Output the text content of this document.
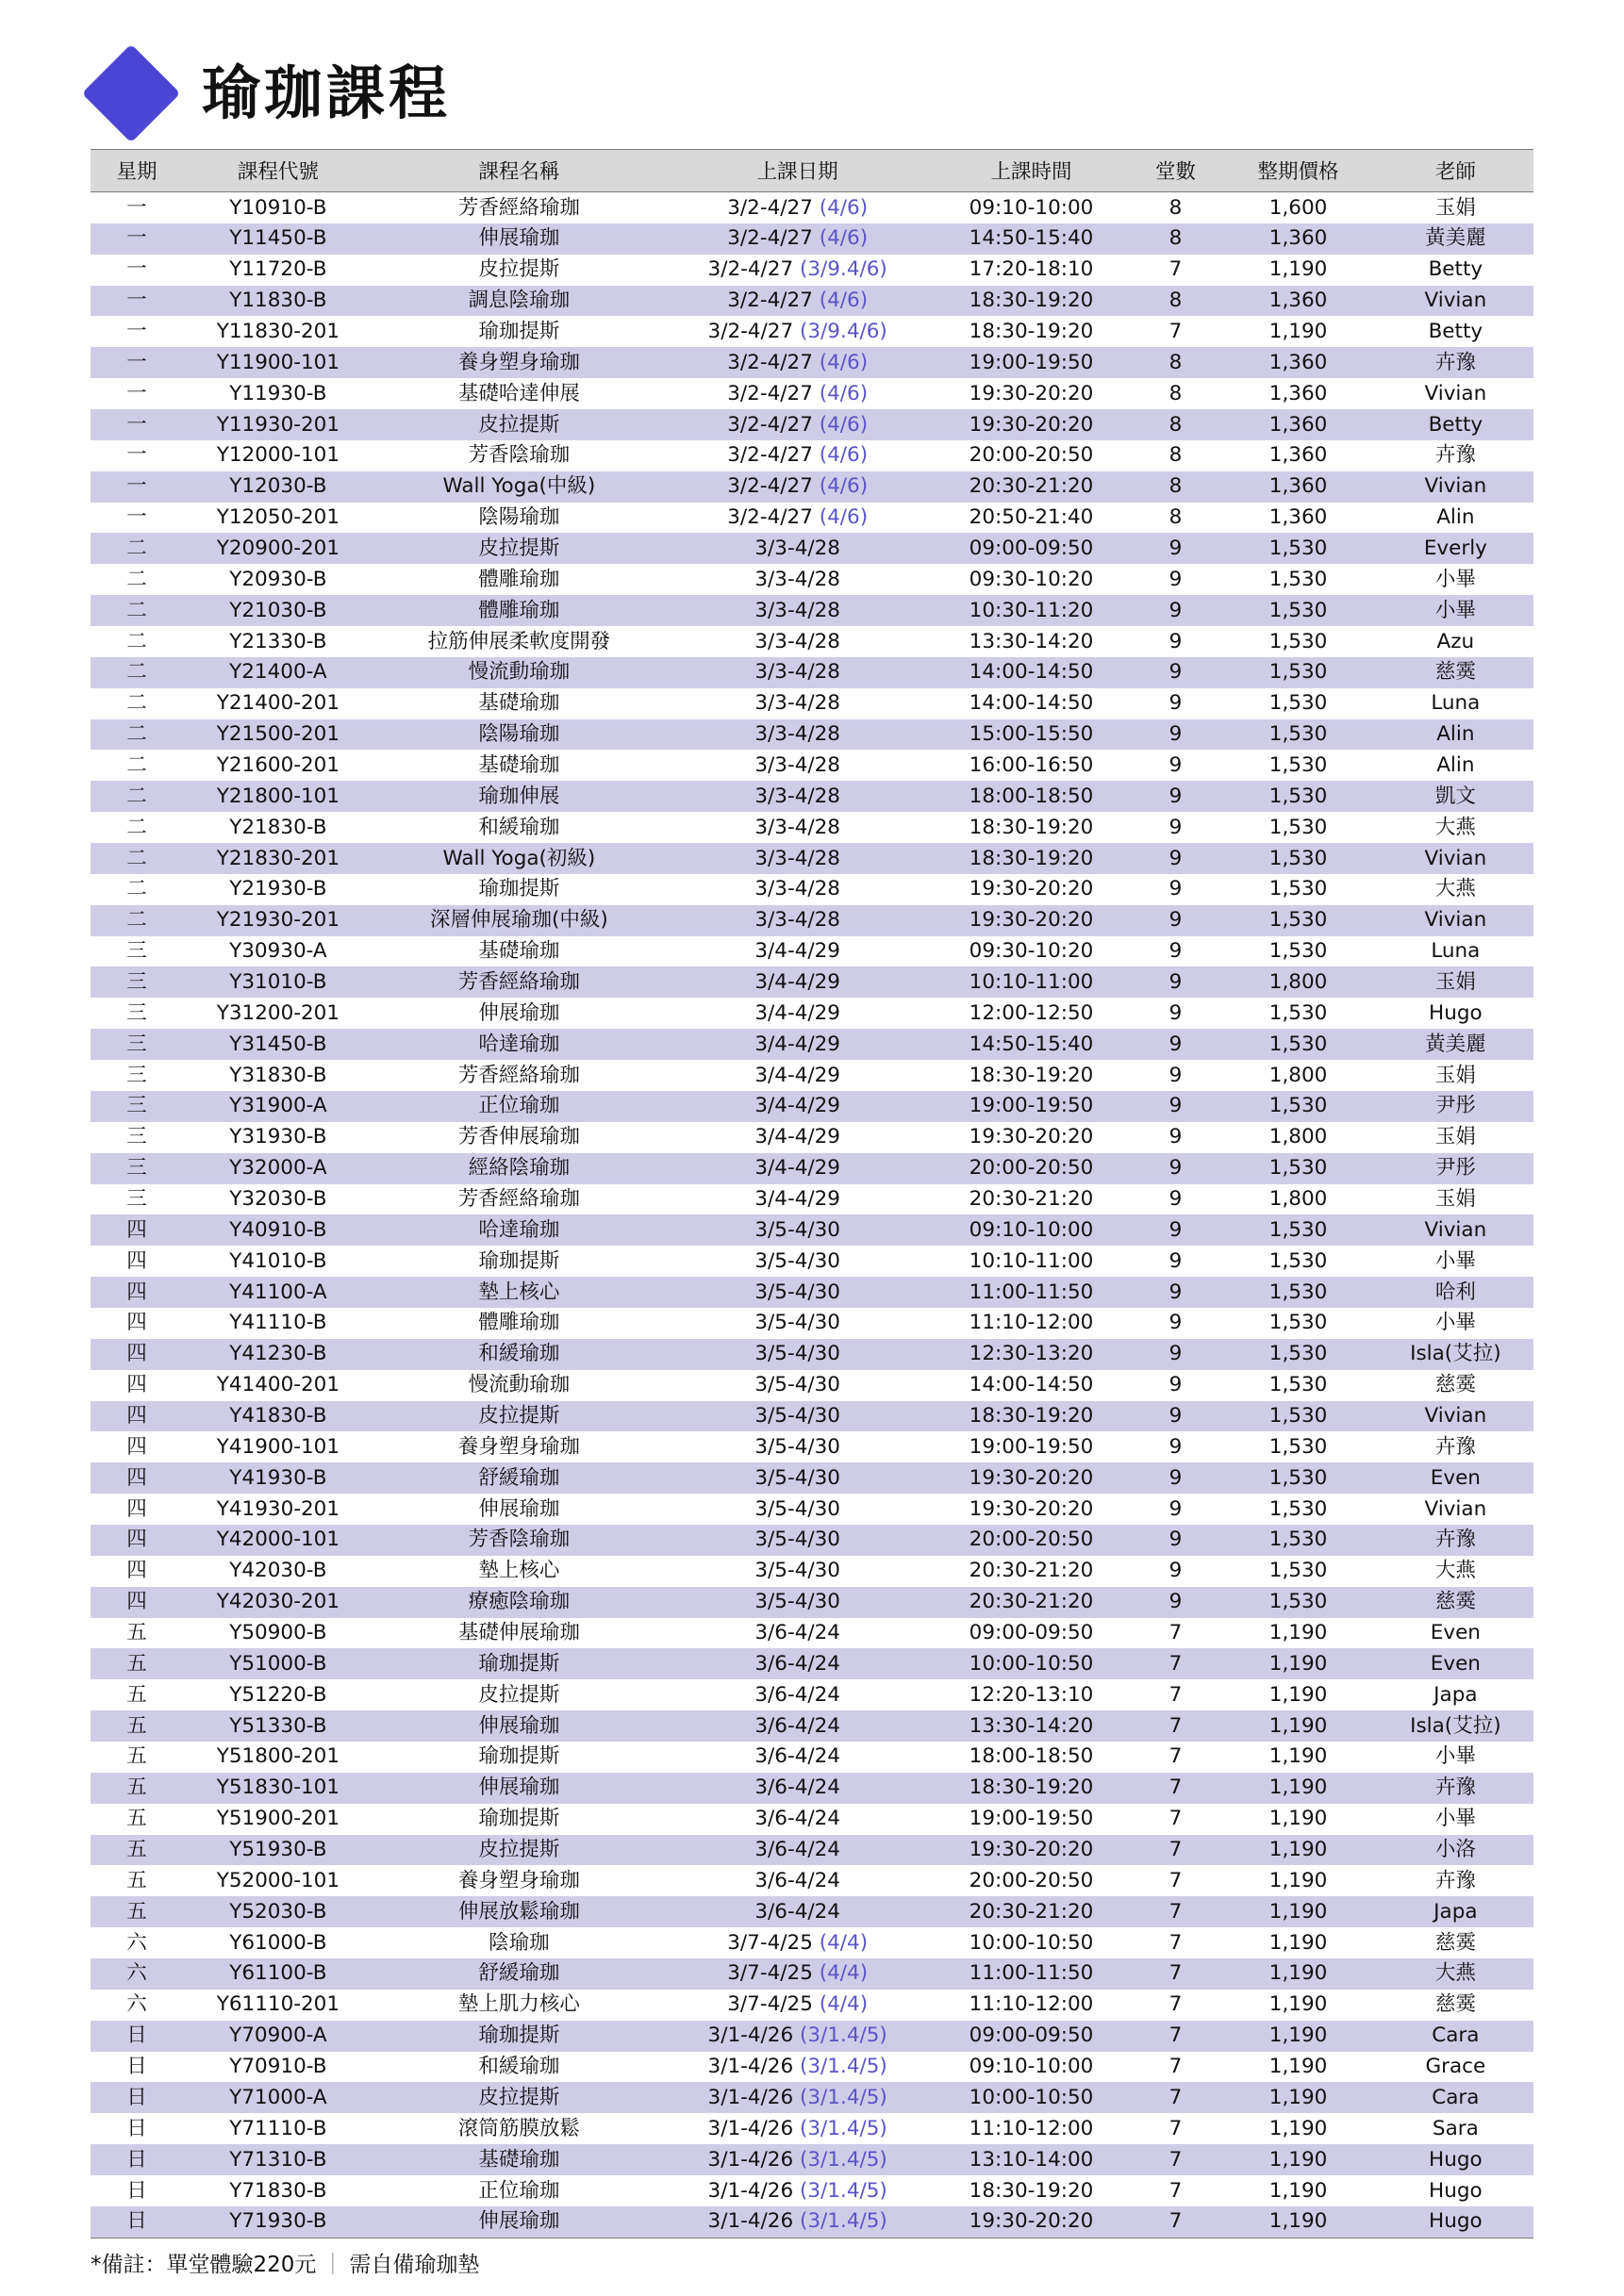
瑜珈課程
星期	課程代號	課程名稱	上課日期	上課時間	堂數	整期價格	老師
一	Y10910-B	芳香經絡瑜珈	3/2-4/27 (4/6)	09:10-10:00	8	1,600	玉娟
一	Y11450-B	伸展瑜珈	3/2-4/27 (4/6)	14:50-15:40	8	1,360	黃美麗
一	Y11720-B	皮拉提斯	3/2-4/27 (3/9.4/6)	17:20-18:10	7	1,190	Betty
一	Y11830-B	調息陰瑜珈	3/2-4/27 (4/6)	18:30-19:20	8	1,360	Vivian
一	Y11830-201	瑜珈提斯	3/2-4/27 (3/9.4/6)	18:30-19:20	7	1,190	Betty
一	Y11900-101	養身塑身瑜珈	3/2-4/27 (4/6)	19:00-19:50	8	1,360	卉豫
一	Y11930-B	基礎哈達伸展	3/2-4/27 (4/6)	19:30-20:20	8	1,360	Vivian
一	Y11930-201	皮拉提斯	3/2-4/27 (4/6)	19:30-20:20	8	1,360	Betty
一	Y12000-101	芳香陰瑜珈	3/2-4/27 (4/6)	20:00-20:50	8	1,360	卉豫
一	Y12030-B	Wall Yoga(中級)	3/2-4/27 (4/6)	20:30-21:20	8	1,360	Vivian
一	Y12050-201	陰陽瑜珈	3/2-4/27 (4/6)	20:50-21:40	8	1,360	Alin
二	Y20900-201	皮拉提斯	3/3-4/28	09:00-09:50	9	1,530	Everly
二	Y20930-B	體雕瑜珈	3/3-4/28	09:30-10:20	9	1,530	小畢
二	Y21030-B	體雕瑜珈	3/3-4/28	10:30-11:20	9	1,530	小畢
二	Y21330-B	拉筋伸展柔軟度開發	3/3-4/28	13:30-14:20	9	1,530	Azu
二	Y21400-A	慢流動瑜珈	3/3-4/28	14:00-14:50	9	1,530	慈霙
二	Y21400-201	基礎瑜珈	3/3-4/28	14:00-14:50	9	1,530	Luna
二	Y21500-201	陰陽瑜珈	3/3-4/28	15:00-15:50	9	1,530	Alin
二	Y21600-201	基礎瑜珈	3/3-4/28	16:00-16:50	9	1,530	Alin
二	Y21800-101	瑜珈伸展	3/3-4/28	18:00-18:50	9	1,530	凱文
二	Y21830-B	和緩瑜珈	3/3-4/28	18:30-19:20	9	1,530	大燕
二	Y21830-201	Wall Yoga(初級)	3/3-4/28	18:30-19:20	9	1,530	Vivian
二	Y21930-B	瑜珈提斯	3/3-4/28	19:30-20:20	9	1,530	大燕
二	Y21930-201	深層伸展瑜珈(中級)	3/3-4/28	19:30-20:20	9	1,530	Vivian
三	Y30930-A	基礎瑜珈	3/4-4/29	09:30-10:20	9	1,530	Luna
三	Y31010-B	芳香經絡瑜珈	3/4-4/29	10:10-11:00	9	1,800	玉娟
三	Y31200-201	伸展瑜珈	3/4-4/29	12:00-12:50	9	1,530	Hugo
三	Y31450-B	哈達瑜珈	3/4-4/29	14:50-15:40	9	1,530	黃美麗
三	Y31830-B	芳香經絡瑜珈	3/4-4/29	18:30-19:20	9	1,800	玉娟
三	Y31900-A	正位瑜珈	3/4-4/29	19:00-19:50	9	1,530	尹彤
三	Y31930-B	芳香伸展瑜珈	3/4-4/29	19:30-20:20	9	1,800	玉娟
三	Y32000-A	經絡陰瑜珈	3/4-4/29	20:00-20:50	9	1,530	尹彤
三	Y32030-B	芳香經絡瑜珈	3/4-4/29	20:30-21:20	9	1,800	玉娟
四	Y40910-B	哈達瑜珈	3/5-4/30	09:10-10:00	9	1,530	Vivian
四	Y41010-B	瑜珈提斯	3/5-4/30	10:10-11:00	9	1,530	小畢
四	Y41100-A	墊上核心	3/5-4/30	11:00-11:50	9	1,530	哈利
四	Y41110-B	體雕瑜珈	3/5-4/30	11:10-12:00	9	1,530	小畢
四	Y41230-B	和緩瑜珈	3/5-4/30	12:30-13:20	9	1,530	Isla(艾拉)
四	Y41400-201	慢流動瑜珈	3/5-4/30	14:00-14:50	9	1,530	慈霙
四	Y41830-B	皮拉提斯	3/5-4/30	18:30-19:20	9	1,530	Vivian
四	Y41900-101	養身塑身瑜珈	3/5-4/30	19:00-19:50	9	1,530	卉豫
四	Y41930-B	舒緩瑜珈	3/5-4/30	19:30-20:20	9	1,530	Even
四	Y41930-201	伸展瑜珈	3/5-4/30	19:30-20:20	9	1,530	Vivian
四	Y42000-101	芳香陰瑜珈	3/5-4/30	20:00-20:50	9	1,530	卉豫
四	Y42030-B	墊上核心	3/5-4/30	20:30-21:20	9	1,530	大燕
四	Y42030-201	療癒陰瑜珈	3/5-4/30	20:30-21:20	9	1,530	慈霙
五	Y50900-B	基礎伸展瑜珈	3/6-4/24	09:00-09:50	7	1,190	Even
五	Y51000-B	瑜珈提斯	3/6-4/24	10:00-10:50	7	1,190	Even
五	Y51220-B	皮拉提斯	3/6-4/24	12:20-13:10	7	1,190	Japa
五	Y51330-B	伸展瑜珈	3/6-4/24	13:30-14:20	7	1,190	Isla(艾拉)
五	Y51800-201	瑜珈提斯	3/6-4/24	18:00-18:50	7	1,190	小畢
五	Y51830-101	伸展瑜珈	3/6-4/24	18:30-19:20	7	1,190	卉豫
五	Y51900-201	瑜珈提斯	3/6-4/24	19:00-19:50	7	1,190	小畢
五	Y51930-B	皮拉提斯	3/6-4/24	19:30-20:20	7	1,190	小洛
五	Y52000-101	養身塑身瑜珈	3/6-4/24	20:00-20:50	7	1,190	卉豫
五	Y52030-B	伸展放鬆瑜珈	3/6-4/24	20:30-21:20	7	1,190	Japa
六	Y61000-B	陰瑜珈	3/7-4/25 (4/4)	10:00-10:50	7	1,190	慈霙
六	Y61100-B	舒緩瑜珈	3/7-4/25 (4/4)	11:00-11:50	7	1,190	大燕
六	Y61110-201	墊上肌力核心	3/7-4/25 (4/4)	11:10-12:00	7	1,190	慈霙
日	Y70900-A	瑜珈提斯	3/1-4/26 (3/1.4/5)	09:00-09:50	7	1,190	Cara
日	Y70910-B	和緩瑜珈	3/1-4/26 (3/1.4/5)	09:10-10:00	7	1,190	Grace
日	Y71000-A	皮拉提斯	3/1-4/26 (3/1.4/5)	10:00-10:50	7	1,190	Cara
日	Y71110-B	滾筒筋膜放鬆	3/1-4/26 (3/1.4/5)	11:10-12:00	7	1,190	Sara
日	Y71310-B	基礎瑜珈	3/1-4/26 (3/1.4/5)	13:10-14:00	7	1,190	Hugo
日	Y71830-B	正位瑜珈	3/1-4/26 (3/1.4/5)	18:30-19:20	7	1,190	Hugo
日	Y71930-B	伸展瑜珈	3/1-4/26 (3/1.4/5)	19:30-20:20	7	1,190	Hugo
*備註：單堂體驗220元 ｜ 需自備瑜珈墊
